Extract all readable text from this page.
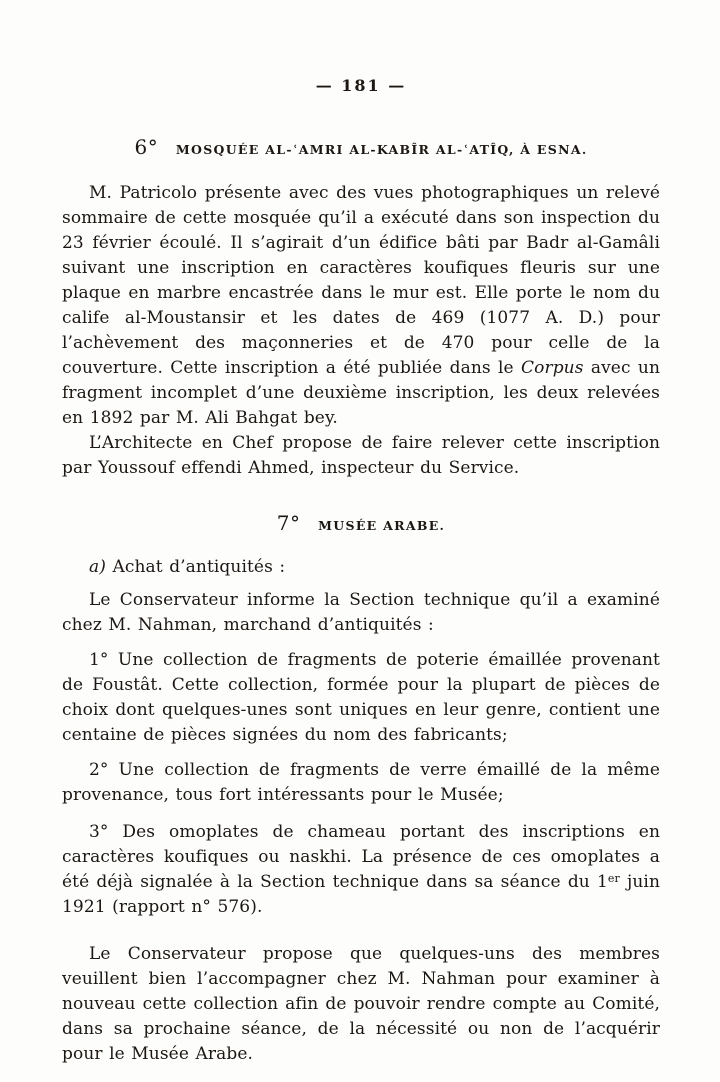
— 181 —
6° MOSQUÉE AL-ʿAMRI AL-KABÎR AL-ʿATÎQ, À ESNA.

M. Patricolo présente avec des vues photographiques un relevé sommaire de cette mosquée qu’il a exécuté dans son inspection du 23 février écoulé. Il s’agirait d’un édifice bâti par Badr al-Gamâli suivant une inscription en caractères koufiques fleuris sur une plaque en marbre encastrée dans le mur est. Elle porte le nom du calife al-Moustansir et les dates de 469 (1077 A. D.) pour l’achèvement des maçonneries et de 470 pour celle de la couverture. Cette inscription a été publiée dans le Corpus avec un fragment incomplet d’une deuxième inscription, les deux relevées en 1892 par M. Ali Bahgat bey.

L’Architecte en Chef propose de faire relever cette inscription par Youssouf effendi Ahmed, inspecteur du Service.

7° MUSÉE ARABE.

a) Achat d’antiquités :

Le Conservateur informe la Section technique qu’il a examiné chez M. Nahman, marchand d’antiquités :

1° Une collection de fragments de poterie émaillée provenant de Foustât. Cette collection, formée pour la plupart de pièces de choix dont quelques-unes sont uniques en leur genre, contient une centaine de pièces signées du nom des fabricants;

2° Une collection de fragments de verre émaillé de la même provenance, tous fort intéressants pour le Musée;

3° Des omoplates de chameau portant des inscriptions en caractères koufiques ou naskhi. La présence de ces omoplates a été déjà signalée à la Section technique dans sa séance du 1er juin 1921 (rapport n° 576).

Le Conservateur propose que quelques-uns des membres veuillent bien l’accompagner chez M. Nahman pour examiner à nouveau cette collection afin de pouvoir rendre compte au Comité, dans sa prochaine séance, de la nécessité ou non de l’acquérir pour le Musée Arabe.
